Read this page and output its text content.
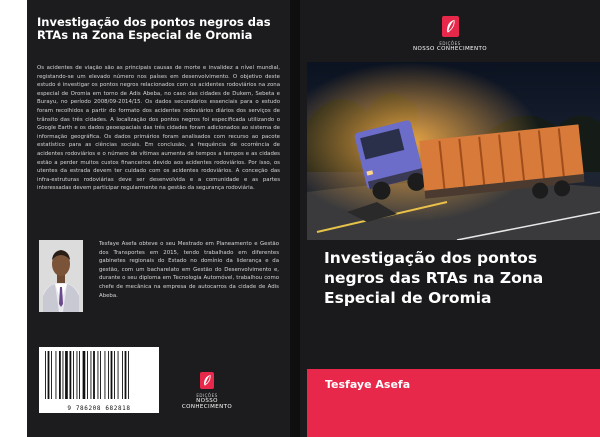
Investigação dos pontos negros das RTAs na Zona Especial de Oromia
Os acidentes de viação são as principais causas de morte e invalidez a nível mundial, registando-se um elevado número nos países em desenvolvimento. O objetivo deste estudo é investigar os pontos negros relacionados com os acidentes rodoviários na zona especial de Oromia em torno de Adis Abeba, no caso das cidades de Dukem, Sebeta e Burayu, no período 2008/09-2014/15. Os dados secundários essenciais para o estudo foram recolhidos a partir do formato dos acidentes rodoviários diários dos serviços de trânsito das três cidades. A localização dos pontos negros foi especificada utilizando o Google Earth e os dados geoespaciais das três cidades foram adicionados ao sistema de informação geográfica. Os dados primários foram analisados com recurso ao pacote estatístico para as ciências sociais. Em conclusão, a frequência de ocorrência de acidentes rodoviários e o número de vítimas aumenta de tempos a tempos e as cidades estão a perder muitos custos financeiros devido aos acidentes rodoviários. Por isso, os utentes da estrada devem ter cuidado com os acidentes rodoviários. A conceção das infra-estruturas rodoviárias deve ser desenvolvida e a comunidade e as partes interessadas devem participar regularmente na gestão da segurança rodoviária.
Tesfaye Asefa obteve o seu Mestrado em Planeamento e Gestão dos Transportes em 2015, tendo trabalhado em diferentes gabinetes regionais do Estado no domínio da liderança e da gestão, com um bacharelato em Gestão do Desenvolvimento e, durante o seu diploma em Tecnologia Automóvel, trabalhou como chefe de mecânica na empresa de autocarros da cidade de Adis Abeba.
9 786208 682818
EDIÇÕES
NOSSO CONHECIMENTO
EDIÇÕES
NOSSO CONHECIMENTO
Investigação dos pontos negros das RTAs na Zona Especial de Oromia
Tesfaye Asefa
